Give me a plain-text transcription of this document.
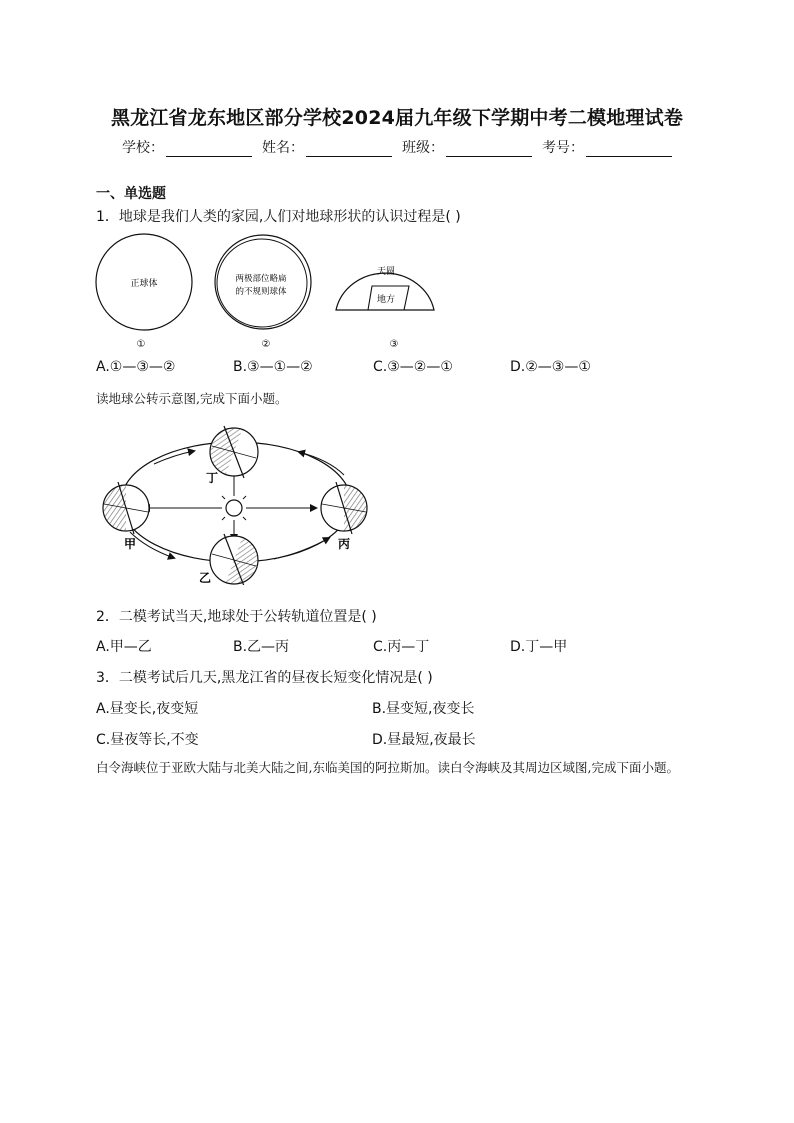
黑龙江省龙东地区部分学校2024届九年级下学期中考二模地理试卷
学校：	姓名：	班级：	考号：
一、单选题
1．地球是我们人类的家园,人们对地球形状的认识过程是( )
正球体	两极部位略扁
的不规则球体
天圆
地方
①	②	③
A.①—③—②	B.③—①—②	C.③—②—①	D.②—③—①
读地球公转示意图,完成下面小题。
丁
甲	丙
乙
2．二模考试当天,地球处于公转轨道位置是( )
A.甲—乙	B.乙—丙	C.丙—丁	D.丁—甲
3．二模考试后几天,黑龙江省的昼夜长短变化情况是( )
A.昼变长,夜变短	B.昼变短,夜变长
C.昼夜等长,不变	D.昼最短,夜最长
白令海峡位于亚欧大陆与北美大陆之间,东临美国的阿拉斯加。读白令海峡及其周边区域图,完成下面小题。
